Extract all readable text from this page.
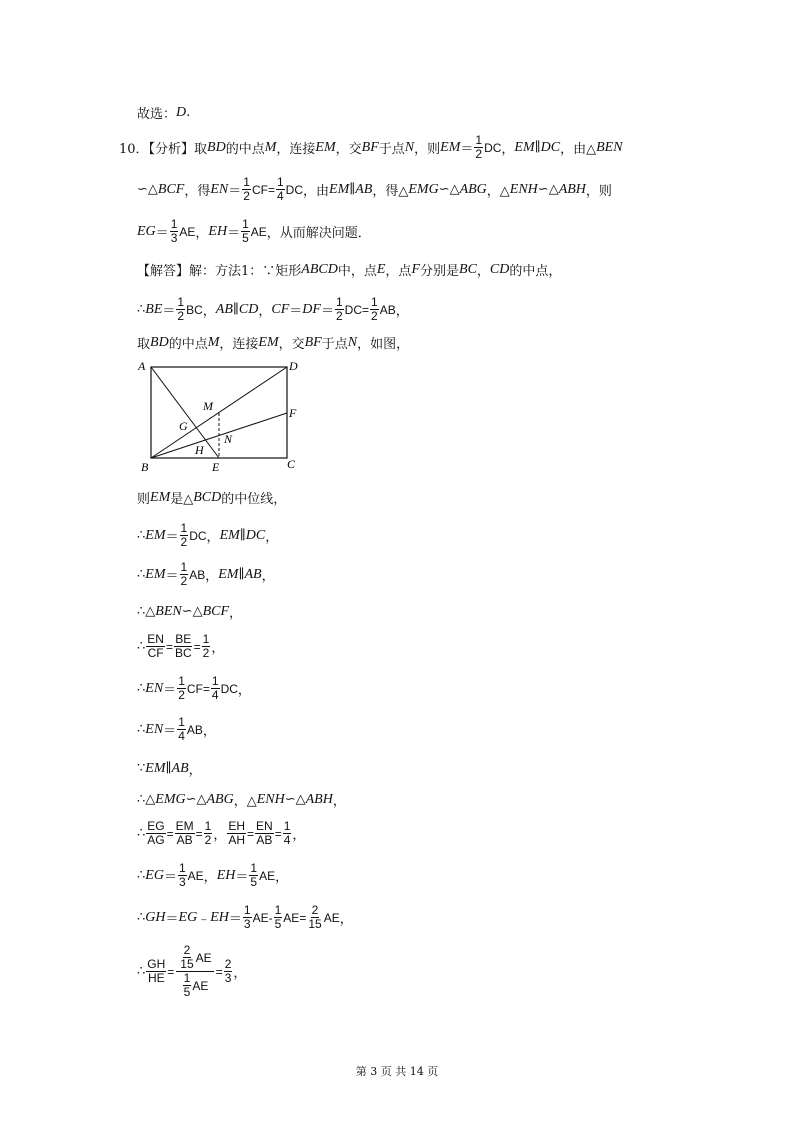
故选： D .
10．【分析】取 BD 的中点 M ，连接 EM ，交 BF 于点 N ，则 EM ＝ $\frac{1}{2}$ DC ， EM ∥ DC ，由△ BEN
∽△ BCF ，得 EN ＝ $\frac{1}{2}$ CF = $\frac{1}{4}$ DC ，由 EM ∥ AB ，得△ EMG ∽△ ABG ，△ ENH ∽△ ABH ，则
EG ＝ $\frac{1}{3}$ AE ， EH ＝ $\frac{1}{5}$ AE ，从而解决问题．
【解答】解：方法1：∵矩形 ABCD 中，点 E ，点 F 分别是 BC ， CD 的中点，
∴ BE ＝ $\frac{1}{2}$ BC ， AB ∥ CD ， CF ＝ DF ＝ $\frac{1}{2}$ DC = $\frac{1}{2}$ AB ，
取 BD 的中点 M ，连接 EM ，交 BF 于点 N ，如图，
A	D
F
M
G
N
H
B	E	C
则 EM 是△ BCD 的中位线，
∴ EM ＝ $\frac{1}{2}$ DC ， EM ∥ DC ，
∴ EM ＝ $\frac{1}{2}$ AB ， EM ∥ AB ，
∴△ BEN ∽△ BCF ，
∴ $\frac{EN}{CF} = \frac{BE}{BC} = \frac{1}{2}$ ，
∴ EN ＝ $\frac{1}{2}$ CF = $\frac{1}{4}$ DC ，
∴ EN ＝ $\frac{1}{4}$ AB ，
∵ EM ∥ AB ，
∴△ EMG ∽△ ABG ，△ ENH ∽△ ABH ，
∴ $\frac{EG}{AG} = \frac{EM}{AB} = \frac{1}{2}$ ， $\frac{EH}{AH} = \frac{EN}{AB} = \frac{1}{4}$ ，
∴ EG ＝ $\frac{1}{3}$ AE ， EH ＝ $\frac{1}{5}$ AE ，
∴ GH ＝ EG ﹣ EH ＝ $\frac{1}{3}$ AE - $\frac{1}{5}$ AE = $\frac{2}{15}$ AE ，
∴ $\frac{GH}{HE} = \frac{\frac{2}{15} AE}{\frac{1}{5} AE} = \frac{2}{3}$ ，
第 3 页 共 14 页
